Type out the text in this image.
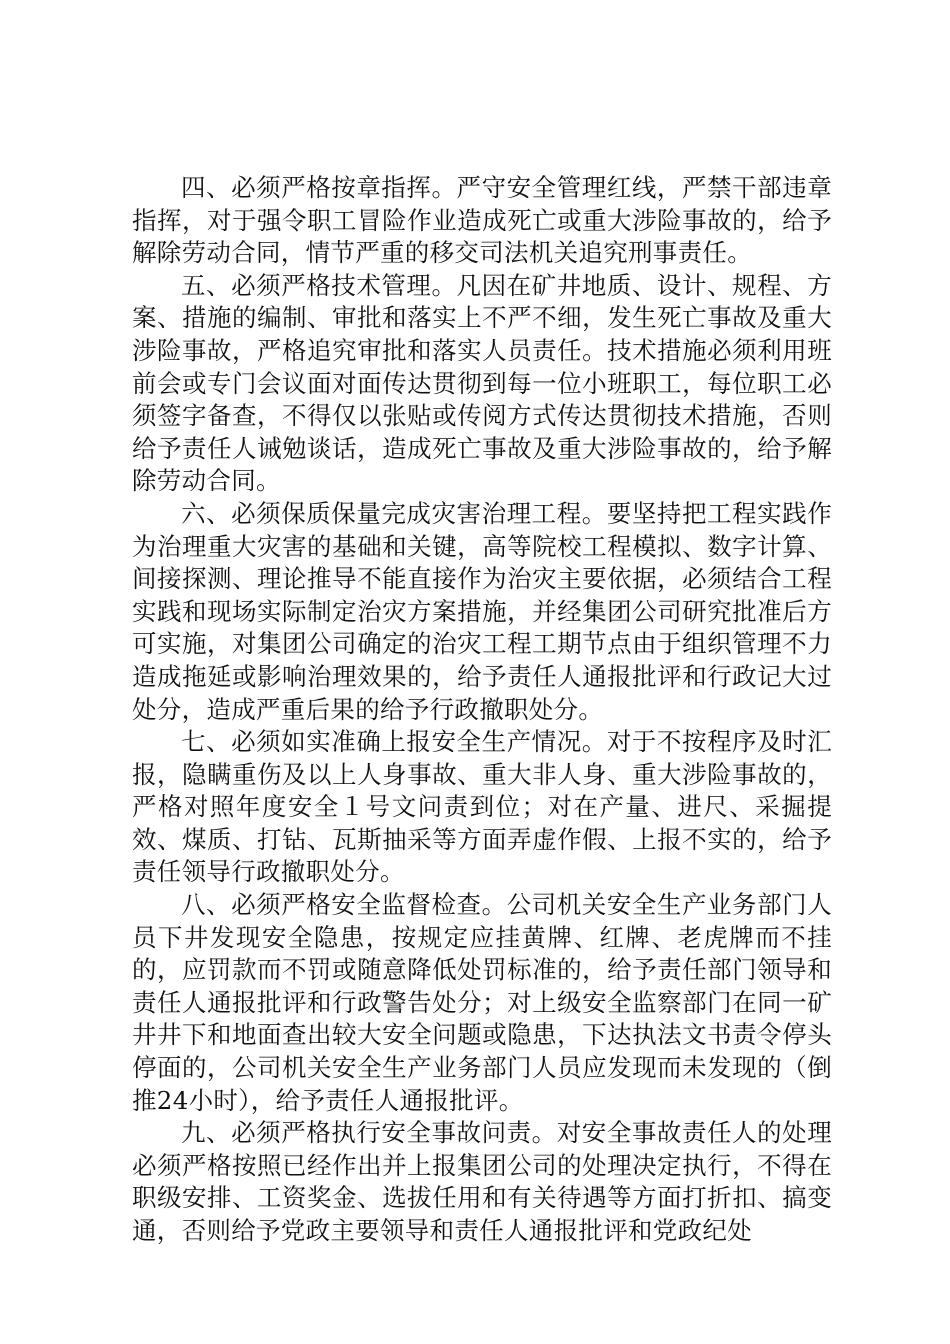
四、必须严格按章指挥。严守安全管理红线，严禁干部违章指挥，对于强令职工冒险作业造成死亡或重大涉险事故的，给予解除劳动合同，情节严重的移交司法机关追究刑事责任。

五、必须严格技术管理。凡因在矿井地质、设计、规程、方案、措施的编制、审批和落实上不严不细，发生死亡事故及重大涉险事故，严格追究审批和落实人员责任。技术措施必须利用班前会或专门会议面对面传达贯彻到每一位小班职工，每位职工必须签字备查，不得仅以张贴或传阅方式传达贯彻技术措施，否则给予责任人诫勉谈话，造成死亡事故及重大涉险事故的，给予解除劳动合同。

六、必须保质保量完成灾害治理工程。要坚持把工程实践作为治理重大灾害的基础和关键，高等院校工程模拟、数字计算、间接探测、理论推导不能直接作为治灾主要依据，必须结合工程实践和现场实际制定治灾方案措施，并经集团公司研究批准后方可实施，对集团公司确定的治灾工程工期节点由于组织管理不力造成拖延或影响治理效果的，给予责任人通报批评和行政记大过处分，造成严重后果的给予行政撤职处分。

七、必须如实准确上报安全生产情况。对于不按程序及时汇报，隐瞒重伤及以上人身事故、重大非人身、重大涉险事故的，严格对照年度安全１号文问责到位；对在产量、进尺、采掘提效、煤质、打钻、瓦斯抽采等方面弄虚作假、上报不实的，给予责任领导行政撤职处分。

八、必须严格安全监督检查。公司机关安全生产业务部门人员下井发现安全隐患，按规定应挂黄牌、红牌、老虎牌而不挂的，应罚款而不罚或随意降低处罚标准的，给予责任部门领导和责任人通报批评和行政警告处分；对上级安全监察部门在同一矿井井下和地面查出较大安全问题或隐患，下达执法文书责令停头停面的，公司机关安全生产业务部门人员应发现而未发现的（倒推24小时），给予责任人通报批评。

九、必须严格执行安全事故问责。对安全事故责任人的处理必须严格按照已经作出并上报集团公司的处理决定执行，不得在职级安排、工资奖金、选拔任用和有关待遇等方面打折扣、搞变通，否则给予党政主要领导和责任人通报批评和党政纪处
